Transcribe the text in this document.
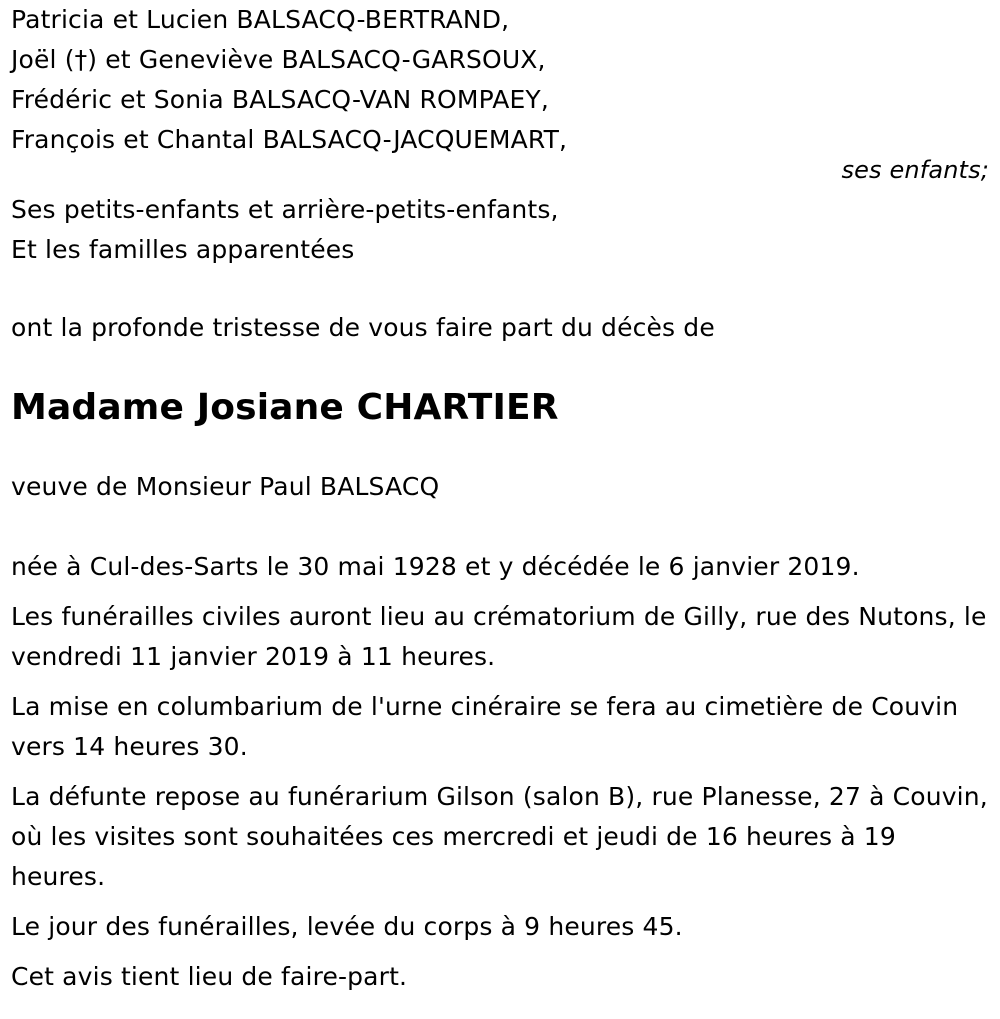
Patricia et Lucien BALSACQ-BERTRAND,
Joël (†) et Geneviève BALSACQ-GARSOUX,
Frédéric et Sonia BALSACQ-VAN ROMPAEY,
François et Chantal BALSACQ-JACQUEMART,
ses enfants;
Ses petits-enfants et arrière-petits-enfants,
Et les familles apparentées
ont la profonde tristesse de vous faire part du décès de
Madame Josiane CHARTIER
veuve de Monsieur Paul BALSACQ
née à Cul-des-Sarts le 30 mai 1928 et y décédée le 6 janvier 2019.
Les funérailles civiles auront lieu au crématorium de Gilly, rue des Nutons, le vendredi 11 janvier 2019 à 11 heures.
La mise en columbarium de l'urne cinéraire se fera au cimetière de Couvin vers 14 heures 30.
La défunte repose au funérarium Gilson (salon B), rue Planesse, 27 à Couvin, où les visites sont souhaitées ces mercredi et jeudi de 16 heures à 19 heures.
Le jour des funérailles, levée du corps à 9 heures 45.
Cet avis tient lieu de faire-part.
